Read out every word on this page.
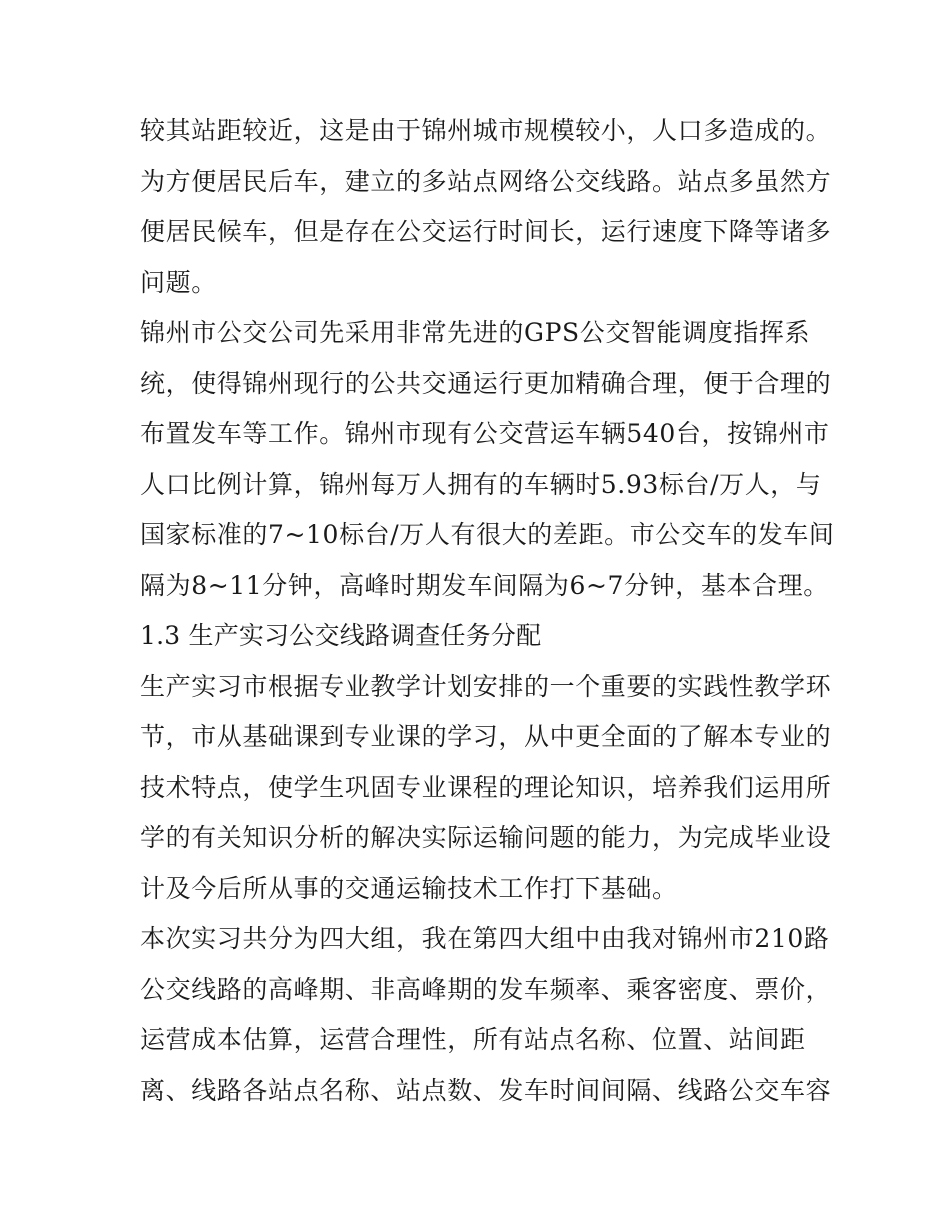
较其站距较近，这是由于锦州城市规模较小，人口多造成的。
为方便居民后车，建立的多站点网络公交线路。站点多虽然方
便居民候车，但是存在公交运行时间长，运行速度下降等诸多
问题。
锦州市公交公司先采用非常先进的GPS公交智能调度指挥系
统，使得锦州现行的公共交通运行更加精确合理，便于合理的
布置发车等工作。锦州市现有公交营运车辆540台，按锦州市
人口比例计算，锦州每万人拥有的车辆时5.93标台/万人，与
国家标准的7~10标台/万人有很大的差距。市公交车的发车间
隔为8~11分钟，高峰时期发车间隔为6~7分钟，基本合理。
1.3 生产实习公交线路调查任务分配
生产实习市根据专业教学计划安排的一个重要的实践性教学环
节，市从基础课到专业课的学习，从中更全面的了解本专业的
技术特点，使学生巩固专业课程的理论知识，培养我们运用所
学的有关知识分析的解决实际运输问题的能力，为完成毕业设
计及今后所从事的交通运输技术工作打下基础。
本次实习共分为四大组，我在第四大组中由我对锦州市210路
公交线路的高峰期、非高峰期的发车频率、乘客密度、票价，
运营成本估算，运营合理性，所有站点名称、位置、站间距
离、线路各站点名称、站点数、发车时间间隔、线路公交车容
